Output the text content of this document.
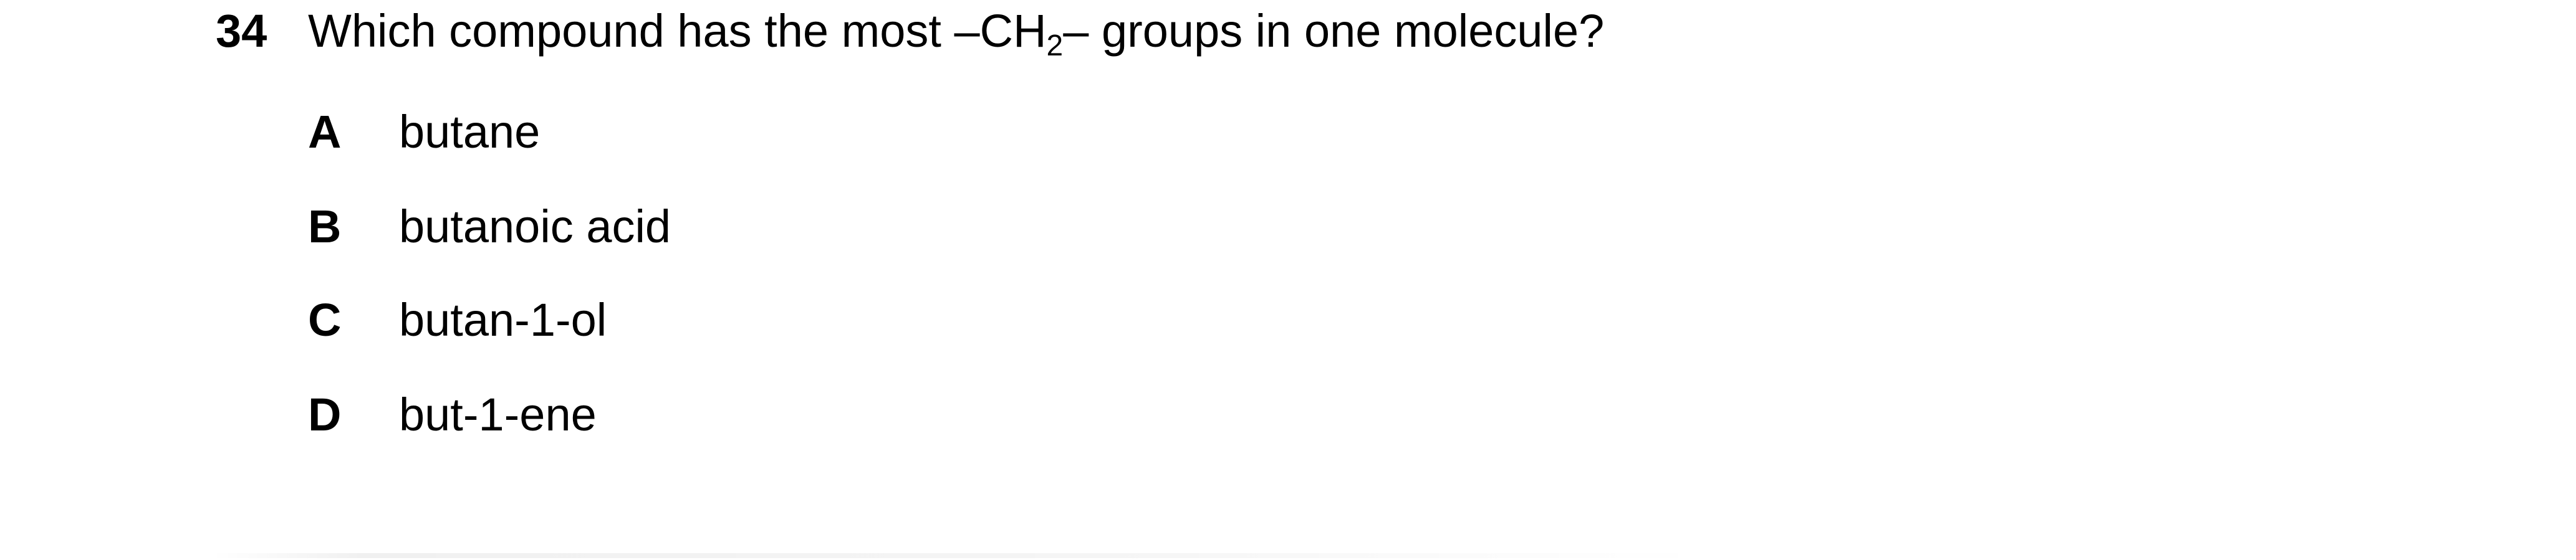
34 Which compound has the most $-CH_2-$ groups in one molecule?
A butane
B butanoic acid
C butan-1-ol
D but-1-ene
